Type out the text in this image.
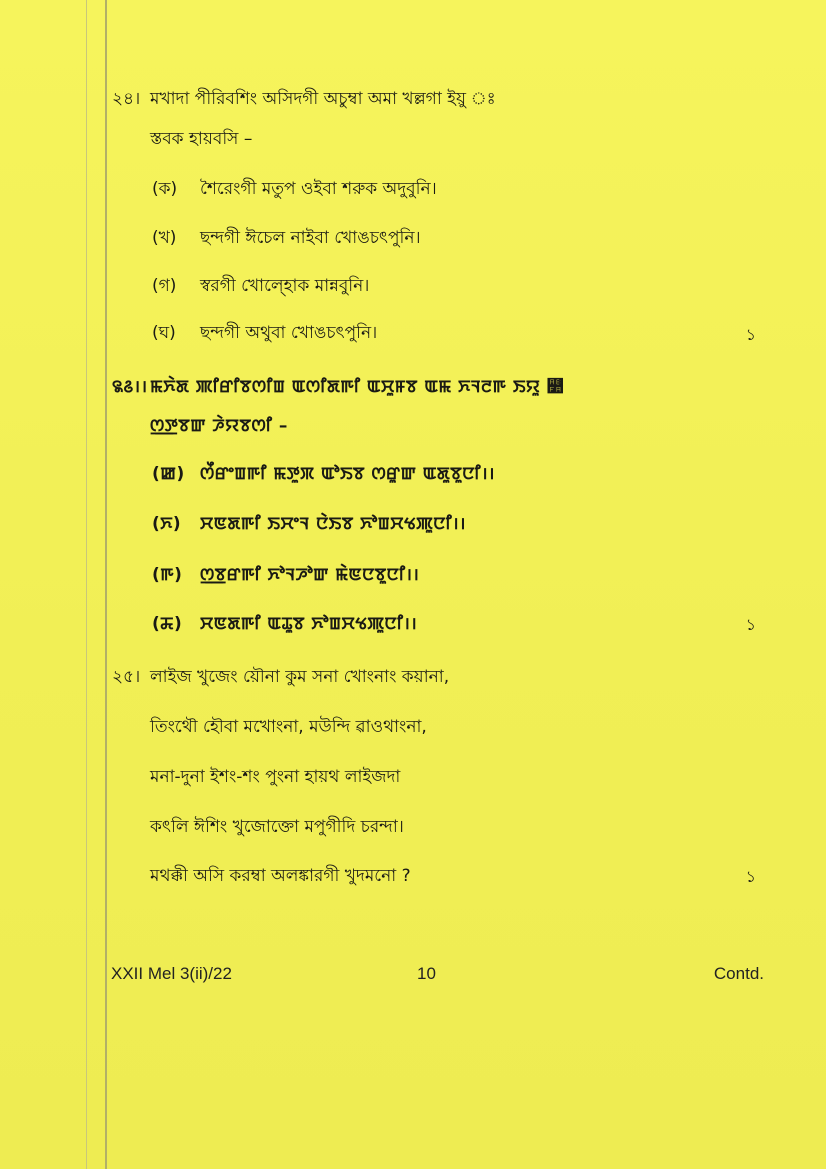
২৪। মখাদা পীরিবশিং অসিদগী অচুম্বা অমা খল্লগা ইয়ু ঃ
স্তবক হায়বসি –
(ক) শৈরেংগী মতুপ ওইবা শরুক অদুবুনি।
(খ) ছন্দগী ঈচেল নাইবা খোঙচৎপুনি।
(গ) স্বরগী খোল্হোক মান্নবুনি।
(ঘ) ছন্দগী অথুবা খোঙচৎপুনি।	১
꯲꯴।। ꯃꯈꯥꯗ ꯄꯤꯔꯤꯕꯁꯤꯡ ꯑꯁꯤꯗꯒꯤ ꯑꯆꯨꯝꯕ ꯑꯃ ꯈꯜꯂꯒ ꯏꯌꯨ ꯺
ꯁ꯭ꯇꯕꯛ ꯍꯥꯌꯕꯁꯤ –
(ꯀ) ꯁꯩꯔꯦꯡꯒꯤ ꯃꯇꯨꯞ ꯑꯣꯏꯕ ꯁꯔꯨꯛ ꯑꯗꯨꯕꯨꯅꯤ।।
(ꯈ) ꯆꯟꯗꯒꯤ ꯏꯆꯦꯜ ꯅꯥꯏꯕ ꯈꯣꯡꯆꯠꯄꯨꯅꯤ।।
(ꯒ) ꯁ꯭ꯕꯔꯒꯤ ꯈꯣꯜꯍꯣꯛ ꯃꯥꯟꯅꯕꯨꯅꯤ।।
(ꯘ) ꯆꯟꯗꯒꯤ ꯑꯊꯨꯕ ꯈꯣꯡꯆꯠꯄꯨꯅꯤ।।	১
২৫। লাইজ খুজেং য়ৌনা কুম সনা খোংনাং কয়ানা,
তিংথৌ হৌবা মখোংনা, মউন্দি ৱাওথাংনা,
মনা-দুনা ইশং-শং পুংনা হায়থ লাইজদা
কৎলি ঈশিং খুজোক্তো মপুগীদি চরন্দা।
মথক্কী অসি করম্বা অলঙ্কারগী খুদমনো ?	১
XXII Mel 3(ii)/22	10	Contd.
